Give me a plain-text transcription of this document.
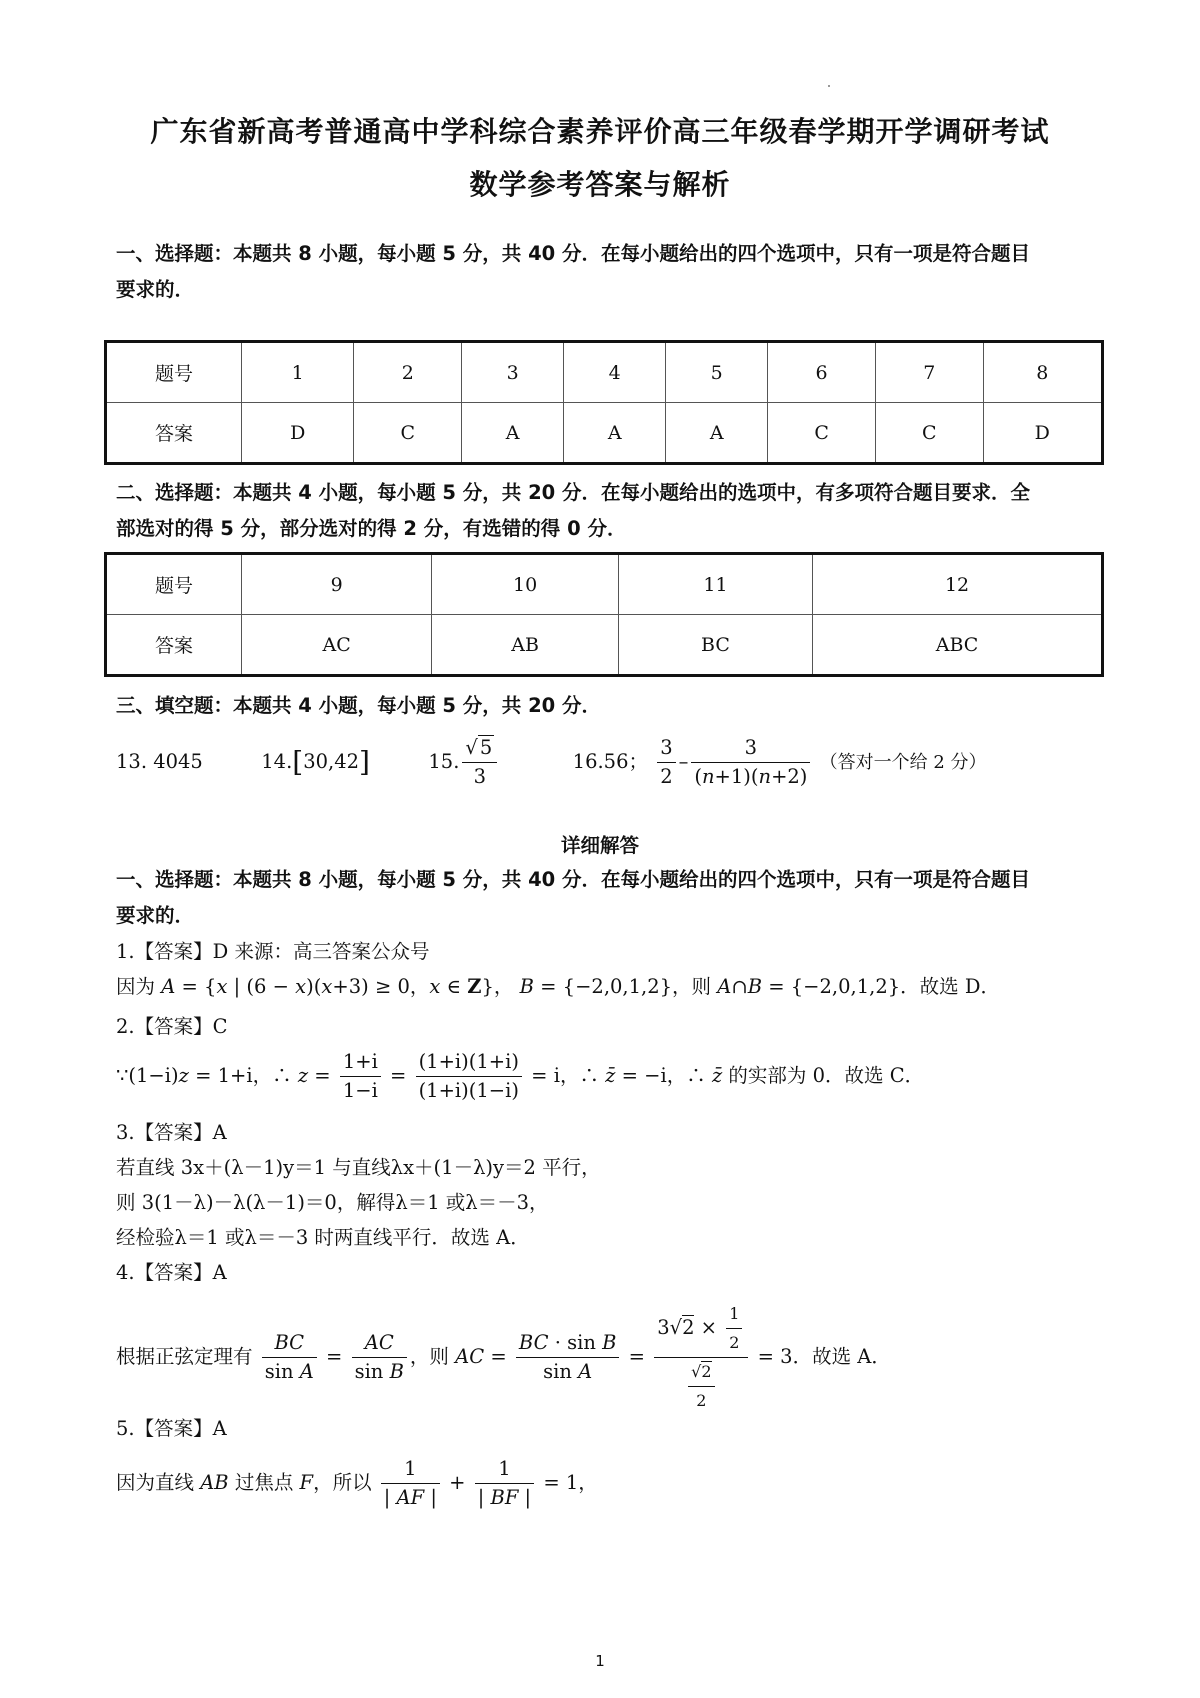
广东省新高考普通高中学科综合素养评价高三年级春学期开学调研考试
数学参考答案与解析
一、选择题：本题共 8 小题，每小题 5 分，共 40 分．在每小题给出的四个选项中，只有一项是符合题目
要求的．
题号	1	2	3	4	5	6	7	8
答案	D	C	A	A	A	C	C	D
二、选择题：本题共 4 小题，每小题 5 分，共 20 分．在每小题给出的选项中，有多项符合题目要求．全
部选对的得 5 分，部分选对的得 2 分，有选错的得 0 分．
题号	9	10	11	12
答案	AC	AB	BC	ABC
三、填空题：本题共 4 小题，每小题 5 分，共 20 分．
13. 4045	14.[30,42]	15. $\frac{√ 5}{3}$	16.56； $\frac{3}{2} - \frac{3}{(n+1)(n+2)}$ （答对一个给 2 分）
详细解答
一、选择题：本题共 8 小题，每小题 5 分，共 40 分．在每小题给出的四个选项中，只有一项是符合题目
要求的．
1.【答案】D 来源：高三答案公众号
因为 A = {x | (6 − x)(x+3) ≥ 0，x ∈ Z}， B = {−2,0,1,2}，则 A∩B = {−2,0,1,2}．故选 D．
2.【答案】C
∵(1−i)z = 1+i，∴ $z = \frac{1+i}{1-i} = \frac{(1+i)(1+i)}{(1+i)(1-i)} = i$，∴ z̄ = −i，∴ z̄ 的实部为 0．故选 C．
3.【答案】A
若直线 3x＋(λ－1)y＝1 与直线λx＋(1－λ)y＝2 平行，
则 3(1－λ)－λ(λ－1)＝0，解得λ＝1 或λ＝－3，
经检验λ＝1 或λ＝－3 时两直线平行．故选 A．
4.【答案】A
根据正弦定理有 $\frac{BC}{\text{sin A}} = \frac{AC}{\text{sin B}}$ ，则 AC = $\frac{\text{BC · sin B}}{\text{sin A}} = \frac{3√2 \times \frac{1}{2}}{\frac{√2}{2}} = 3$．故选 A．
5.【答案】A
因为直线 AB 过焦点 F，所以 $\frac{1}{| AF |} + \frac{1}{| BF |} = 1$，
1
